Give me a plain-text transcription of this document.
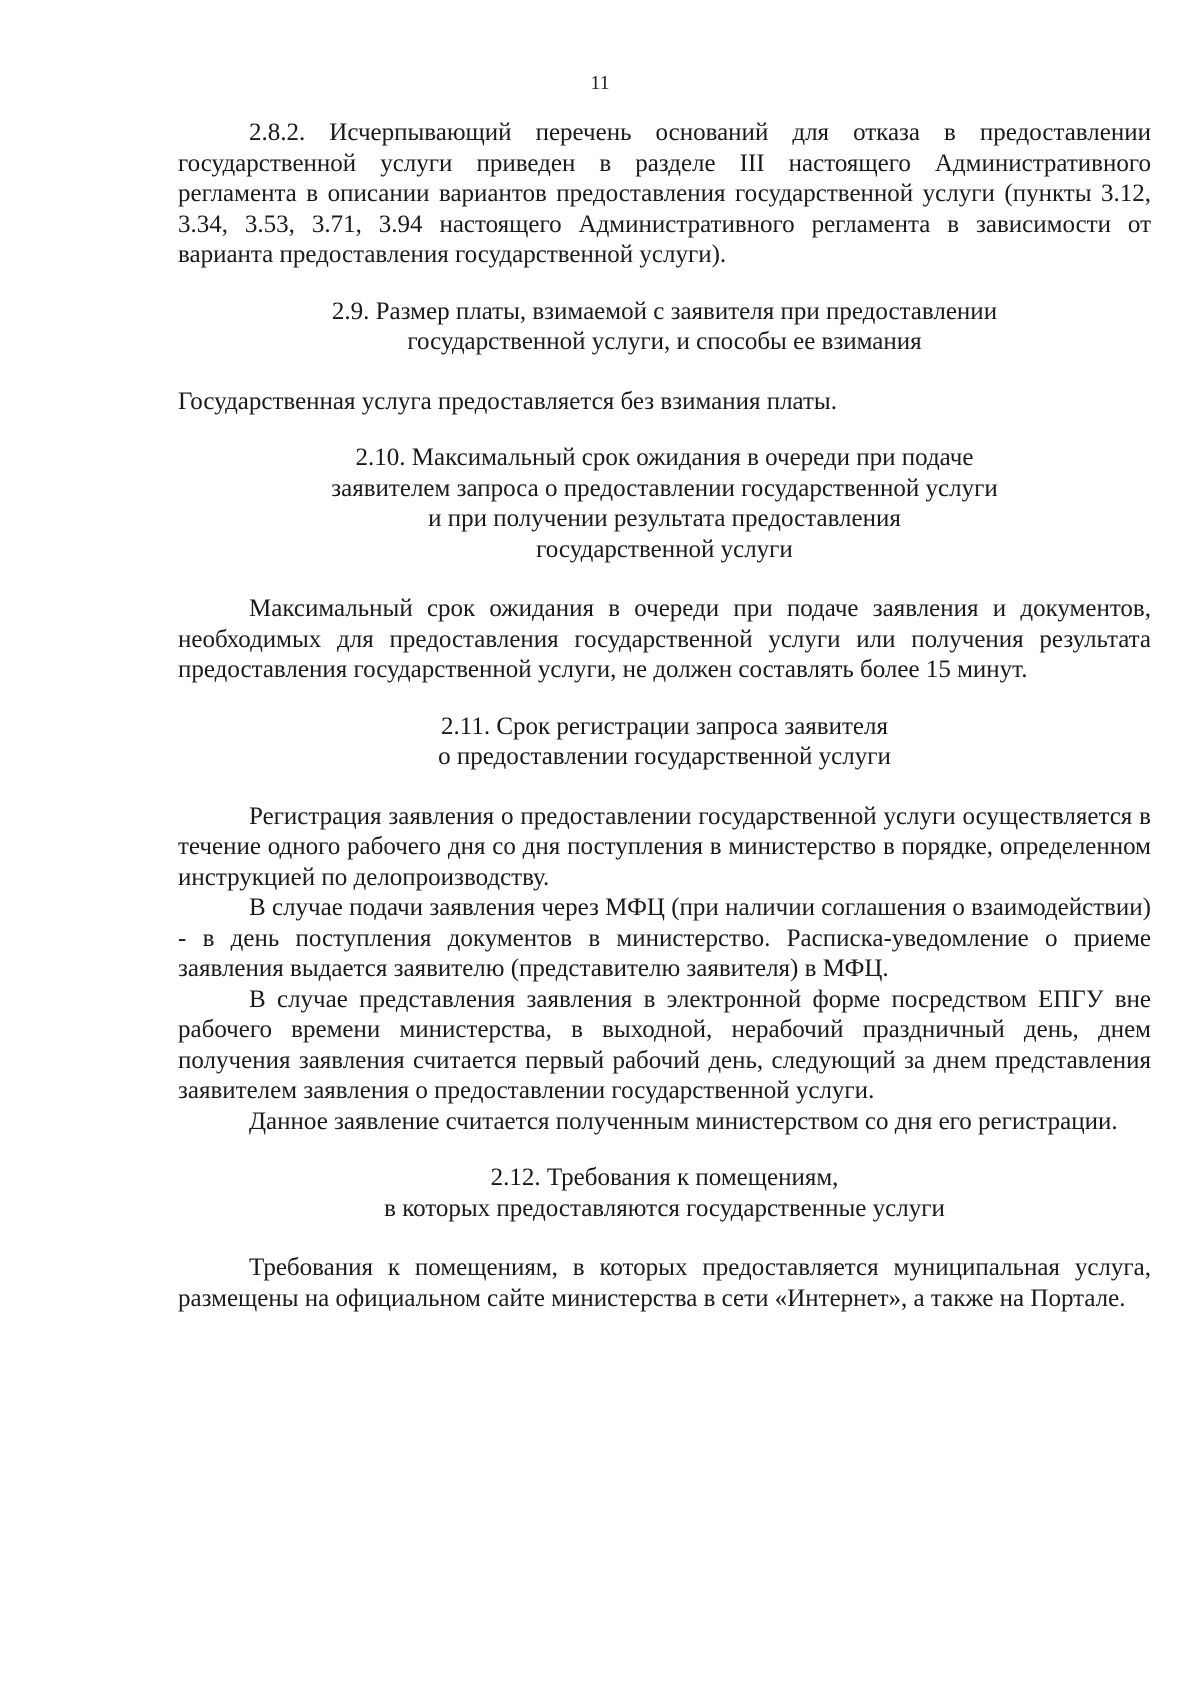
11

2.8.2. Исчерпывающий перечень оснований для отказа в предоставлении государственной услуги приведен в разделе III настоящего Административного регламента в описании вариантов предоставления государственной услуги (пункты 3.12, 3.34, 3.53, 3.71, 3.94 настоящего Административного регламента в зависимости от варианта предоставления государственной услуги).

2.9. Размер платы, взимаемой с заявителя при предоставлении
государственной услуги, и способы ее взимания

Государственная услуга предоставляется без взимания платы.

2.10. Максимальный срок ожидания в очереди при подаче
заявителем запроса о предоставлении государственной услуги
и при получении результата предоставления
государственной услуги

Максимальный срок ожидания в очереди при подаче заявления и документов, необходимых для предоставления государственной услуги или получения результата предоставления государственной услуги, не должен составлять более 15 минут.

2.11. Срок регистрации запроса заявителя
о предоставлении государственной услуги

Регистрация заявления о предоставлении государственной услуги осуществляется в течение одного рабочего дня со дня поступления в министерство в порядке, определенном инструкцией по делопроизводству.

В случае подачи заявления через МФЦ (при наличии соглашения о взаимодействии) - в день поступления документов в министерство. Расписка-уведомление о приеме заявления выдается заявителю (представителю заявителя) в МФЦ.

В случае представления заявления в электронной форме посредством ЕПГУ вне рабочего времени министерства, в выходной, нерабочий праздничный день, днем получения заявления считается первый рабочий день, следующий за днем представления заявителем заявления о предоставлении государственной услуги.

Данное заявление считается полученным министерством со дня его регистрации.

2.12. Требования к помещениям,
в которых предоставляются государственные услуги

Требования к помещениям, в которых предоставляется муниципальная услуга, размещены на официальном сайте министерства в сети «Интернет», а также на Портале.
